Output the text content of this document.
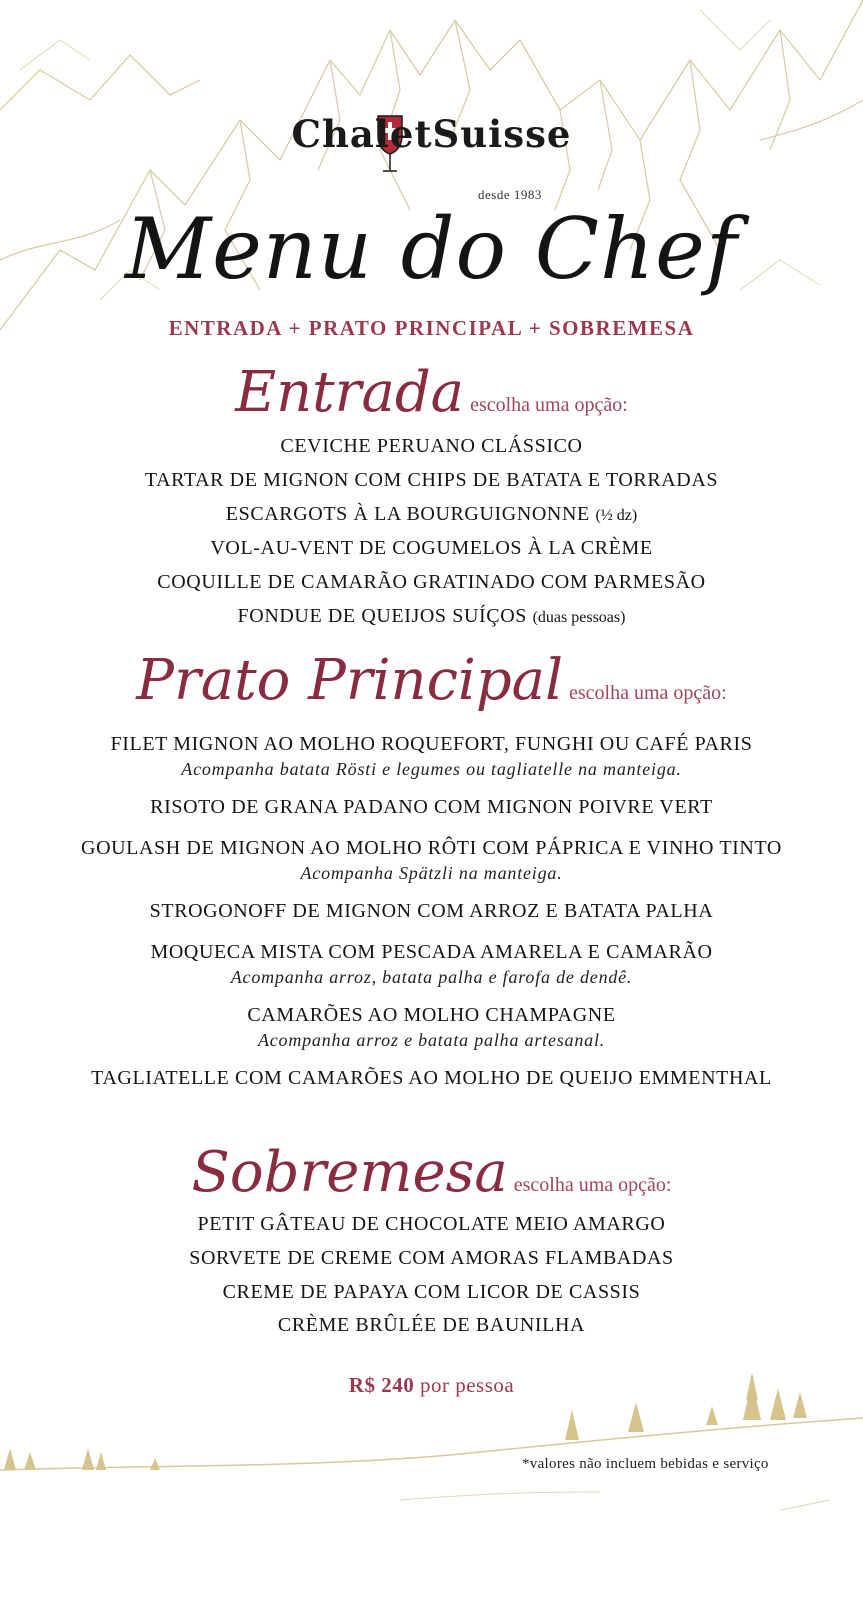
ChaletSuisse
desde 1983
Menu do Chef
ENTRADA + PRATO PRINCIPAL + SOBREMESA
Entrada escolha uma opção:
CEVICHE PERUANO CLÁSSICO
TARTAR DE MIGNON COM CHIPS DE BATATA E TORRADAS
ESCARGOTS À LA BOURGUIGNONNE (½ dz)
VOL-AU-VENT DE COGUMELOS À LA CRÈME
COQUILLE DE CAMARÃO GRATINADO COM PARMESÃO
FONDUE DE QUEIJOS SUÍÇOS (duas pessoas)
Prato Principal escolha uma opção:
FILET MIGNON AO MOLHO ROQUEFORT, FUNGHI OU CAFÉ PARIS
Acompanha batata Rösti e legumes ou tagliatelle na manteiga.
RISOTO DE GRANA PADANO COM MIGNON POIVRE VERT
GOULASH DE MIGNON AO MOLHO RÔTI COM PÁPRICA E VINHO TINTO
Acompanha Spätzli na manteiga.
STROGONOFF DE MIGNON COM ARROZ E BATATA PALHA
MOQUECA MISTA COM PESCADA AMARELA E CAMARÃO
Acompanha arroz, batata palha e farofa de dendê.
CAMARÕES AO MOLHO CHAMPAGNE
Acompanha arroz e batata palha artesanal.
TAGLIATELLE COM CAMARÕES AO MOLHO DE QUEIJO EMMENTHAL
Sobremesa escolha uma opção:
PETIT GÂTEAU DE CHOCOLATE MEIO AMARGO
SORVETE DE CREME COM AMORAS FLAMBADAS
CREME DE PAPAYA COM LICOR DE CASSIS
CRÈME BRÛLÉE DE BAUNILHA
R$ 240 por pessoa
*valores não incluem bebidas e serviço
